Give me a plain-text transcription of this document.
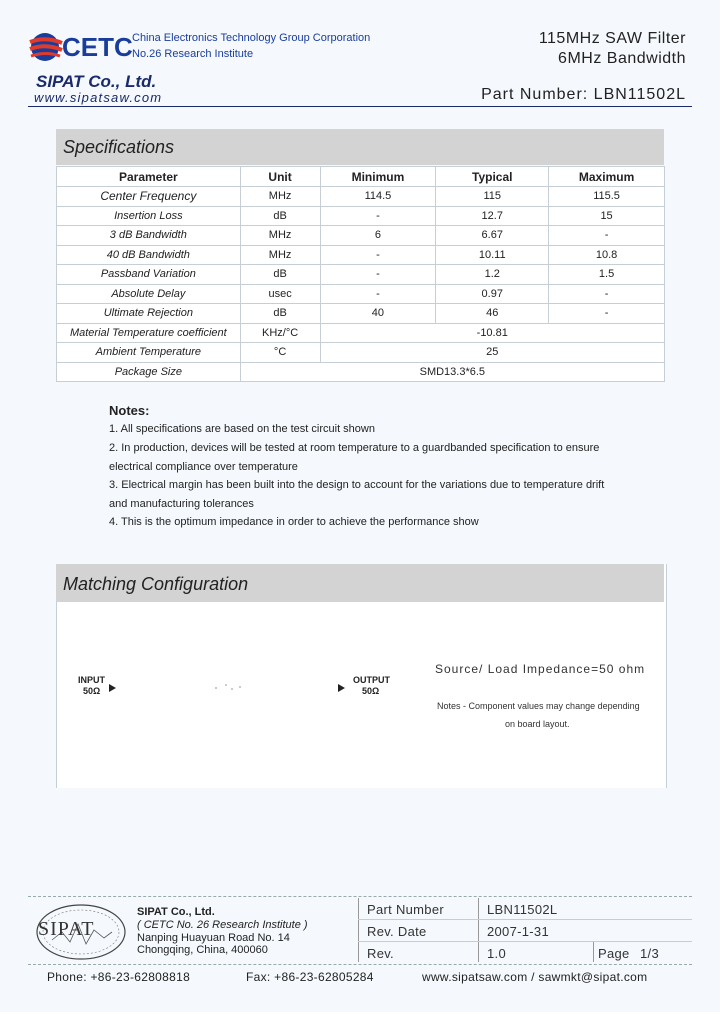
CETC China Electronics Technology Group Corporation
No.26 Research Institute
SIPAT Co., Ltd.
www.sipatsaw.com
115MHz SAW Filter
6MHz Bandwidth
Part Number: LBN11502L
Specifications
Parameter	Unit	Minimum	Typical	Maximum
Center Frequency	MHz	114.5	115	115.5
Insertion Loss	dB	-	12.7	15
3 dB Bandwidth	MHz	6	6.67	-
40 dB Bandwidth	MHz	-	10.11	10.8
Passband Variation	dB	-	1.2	1.5
Absolute Delay	usec	-	0.97	-
Ultimate Rejection	dB	40	46	-
Material Temperature coefficient	KHz/°C	-10.81		
Ambient Temperature	°C	25		
Package Size	SMD13.3*6.5			
Notes:
1. All specifications are based on the test circuit shown
2. In production, devices will be tested at room temperature to a guardbanded specification to ensure
electrical compliance over temperature
3. Electrical margin has been built into the design to account for the variations due to temperature drift
and manufacturing tolerances
4. This is the optimum impedance in order to achieve the performance show
Matching Configuration
INPUT
50Ω
OUTPUT
50Ω
Source/ Load Impedance=50 ohm
Notes - Component values may change depending
on board layout.
SIPAT
SIPAT Co., Ltd.
( CETC No. 26 Research Institute )
Nanping Huayuan Road No. 14
Chongqing, China, 400060
Part Number	LBN11502L
Rev. Date	2007-1-31
Rev.	1.0	Page 1/3
Phone: +86-23-62808818	Fax: +86-23-62805284	www.sipatsaw.com / sawmkt@sipat.com
